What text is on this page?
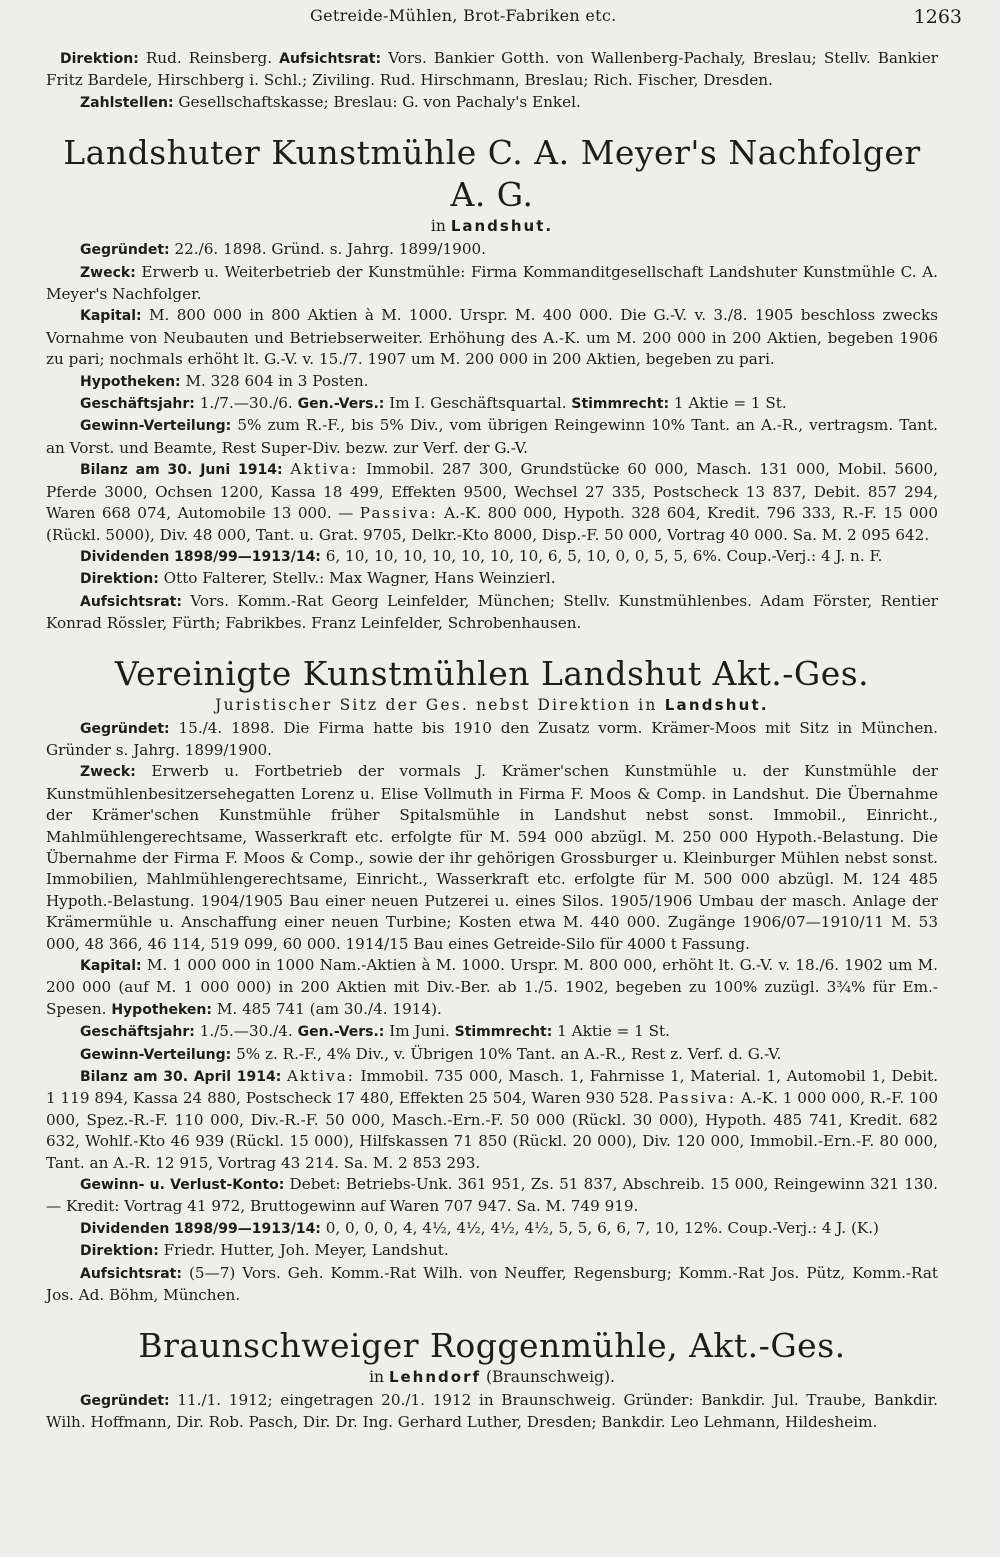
Getreide-Mühlen, Brot-Fabriken etc.	1263

Direktion: Rud. Reinsberg. Aufsichtsrat: Vors. Bankier Gotth. von Wallenberg-Pachaly, Breslau; Stellv. Bankier Fritz Bardele, Hirschberg i. Schl.; Ziviling. Rud. Hirschmann, Breslau; Rich. Fischer, Dresden.

Zahlstellen: Gesellschaftskasse; Breslau: G. von Pachaly's Enkel.

Landshuter Kunstmühle C. A. Meyer's Nachfolger A. G.
in Landshut.

Gegründet: 22./6. 1898. Gründ. s. Jahrg. 1899/1900.

Zweck: Erwerb u. Weiterbetrieb der Kunstmühle: Firma Kommanditgesellschaft Landshuter Kunstmühle C. A. Meyer's Nachfolger.

Kapital: M. 800 000 in 800 Aktien à M. 1000. Urspr. M. 400 000. Die G.-V. v. 3./8. 1905 beschloss zwecks Vornahme von Neubauten und Betriebserweiter. Erhöhung des A.-K. um M. 200 000 in 200 Aktien, begeben 1906 zu pari; nochmals erhöht lt. G.-V. v. 15./7. 1907 um M. 200 000 in 200 Aktien, begeben zu pari.

Hypotheken: M. 328 604 in 3 Posten.

Geschäftsjahr: 1./7.—30./6. Gen.-Vers.: Im I. Geschäftsquartal. Stimmrecht: 1 Aktie = 1 St.

Gewinn-Verteilung: 5% zum R.-F., bis 5% Div., vom übrigen Reingewinn 10% Tant. an A.-R., vertragsm. Tant. an Vorst. und Beamte, Rest Super-Div. bezw. zur Verf. der G.-V.

Bilanz am 30. Juni 1914: Aktiva: Immobil. 287 300, Grundstücke 60 000, Masch. 131 000, Mobil. 5600, Pferde 3000, Ochsen 1200, Kassa 18 499, Effekten 9500, Wechsel 27 335, Postscheck 13 837, Debit. 857 294, Waren 668 074, Automobile 13 000. — Passiva: A.-K. 800 000, Hypoth. 328 604, Kredit. 796 333, R.-F. 15 000 (Rückl. 5000), Div. 48 000, Tant. u. Grat. 9705, Delkr.-Kto 8000, Disp.-F. 50 000, Vortrag 40 000. Sa. M. 2 095 642.

Dividenden 1898/99—1913/14: 6, 10, 10, 10, 10, 10, 10, 10, 6, 5, 10, 0, 0, 5, 5, 6%. Coup.-Verj.: 4 J. n. F.

Direktion: Otto Falterer, Stellv.: Max Wagner, Hans Weinzierl.

Aufsichtsrat: Vors. Komm.-Rat Georg Leinfelder, München; Stellv. Kunstmühlenbes. Adam Förster, Rentier Konrad Rössler, Fürth; Fabrikbes. Franz Leinfelder, Schrobenhausen.

Vereinigte Kunstmühlen Landshut Akt.-Ges.
Juristischer Sitz der Ges. nebst Direktion in Landshut.

Gegründet: 15./4. 1898. Die Firma hatte bis 1910 den Zusatz vorm. Krämer-Moos mit Sitz in München. Gründer s. Jahrg. 1899/1900.

Zweck: Erwerb u. Fortbetrieb der vormals J. Krämer'schen Kunstmühle u. der Kunstmühle der Kunstmühlenbesitzersehegatten Lorenz u. Elise Vollmuth in Firma F. Moos & Comp. in Landshut. Die Übernahme der Krämer'schen Kunstmühle früher Spitalsmühle in Landshut nebst sonst. Immobil., Einricht., Mahlmühlengerechtsame, Wasserkraft etc. erfolgte für M. 594 000 abzügl. M. 250 000 Hypoth.-Belastung. Die Übernahme der Firma F. Moos & Comp., sowie der ihr gehörigen Grossburger u. Kleinburger Mühlen nebst sonst. Immobilien, Mahlmühlengerechtsame, Einricht., Wasserkraft etc. erfolgte für M. 500 000 abzügl. M. 124 485 Hypoth.-Belastung. 1904/1905 Bau einer neuen Putzerei u. eines Silos. 1905/1906 Umbau der masch. Anlage der Krämermühle u. Anschaffung einer neuen Turbine; Kosten etwa M. 440 000. Zugänge 1906/07—1910/11 M. 53 000, 48 366, 46 114, 519 099, 60 000. 1914/15 Bau eines Getreide-Silo für 4000 t Fassung.

Kapital: M. 1 000 000 in 1000 Nam.-Aktien à M. 1000. Urspr. M. 800 000, erhöht lt. G.-V. v. 18./6. 1902 um M. 200 000 (auf M. 1 000 000) in 200 Aktien mit Div.-Ber. ab 1./5. 1902, begeben zu 100% zuzügl. 3¾% für Em.-Spesen. Hypotheken: M. 485 741 (am 30./4. 1914).

Geschäftsjahr: 1./5.—30./4. Gen.-Vers.: Im Juni. Stimmrecht: 1 Aktie = 1 St.

Gewinn-Verteilung: 5% z. R.-F., 4% Div., v. Übrigen 10% Tant. an A.-R., Rest z. Verf. d. G.-V.

Bilanz am 30. April 1914: Aktiva: Immobil. 735 000, Masch. 1, Fahrnisse 1, Material. 1, Automobil 1, Debit. 1 119 894, Kassa 24 880, Postscheck 17 480, Effekten 25 504, Waren 930 528. Passiva: A.-K. 1 000 000, R.-F. 100 000, Spez.-R.-F. 110 000, Div.-R.-F. 50 000, Masch.-Ern.-F. 50 000 (Rückl. 30 000), Hypoth. 485 741, Kredit. 682 632, Wohlf.-Kto 46 939 (Rückl. 15 000), Hilfskassen 71 850 (Rückl. 20 000), Div. 120 000, Immobil.-Ern.-F. 80 000, Tant. an A.-R. 12 915, Vortrag 43 214. Sa. M. 2 853 293.

Gewinn- u. Verlust-Konto: Debet: Betriebs-Unk. 361 951, Zs. 51 837, Abschreib. 15 000, Reingewinn 321 130. — Kredit: Vortrag 41 972, Bruttogewinn auf Waren 707 947. Sa. M. 749 919.

Dividenden 1898/99—1913/14: 0, 0, 0, 0, 4, 4½, 4½, 4½, 4½, 5, 5, 6, 6, 7, 10, 12%. Coup.-Verj.: 4 J. (K.)

Direktion: Friedr. Hutter, Joh. Meyer, Landshut.

Aufsichtsrat: (5—7) Vors. Geh. Komm.-Rat Wilh. von Neuffer, Regensburg; Komm.-Rat Jos. Pütz, Komm.-Rat Jos. Ad. Böhm, München.

Braunschweiger Roggenmühle, Akt.-Ges.
in Lehndorf (Braunschweig).

Gegründet: 11./1. 1912; eingetragen 20./1. 1912 in Braunschweig. Gründer: Bankdir. Jul. Traube, Bankdir. Wilh. Hoffmann, Dir. Rob. Pasch, Dir. Dr. Ing. Gerhard Luther, Dresden; Bankdir. Leo Lehmann, Hildesheim.
